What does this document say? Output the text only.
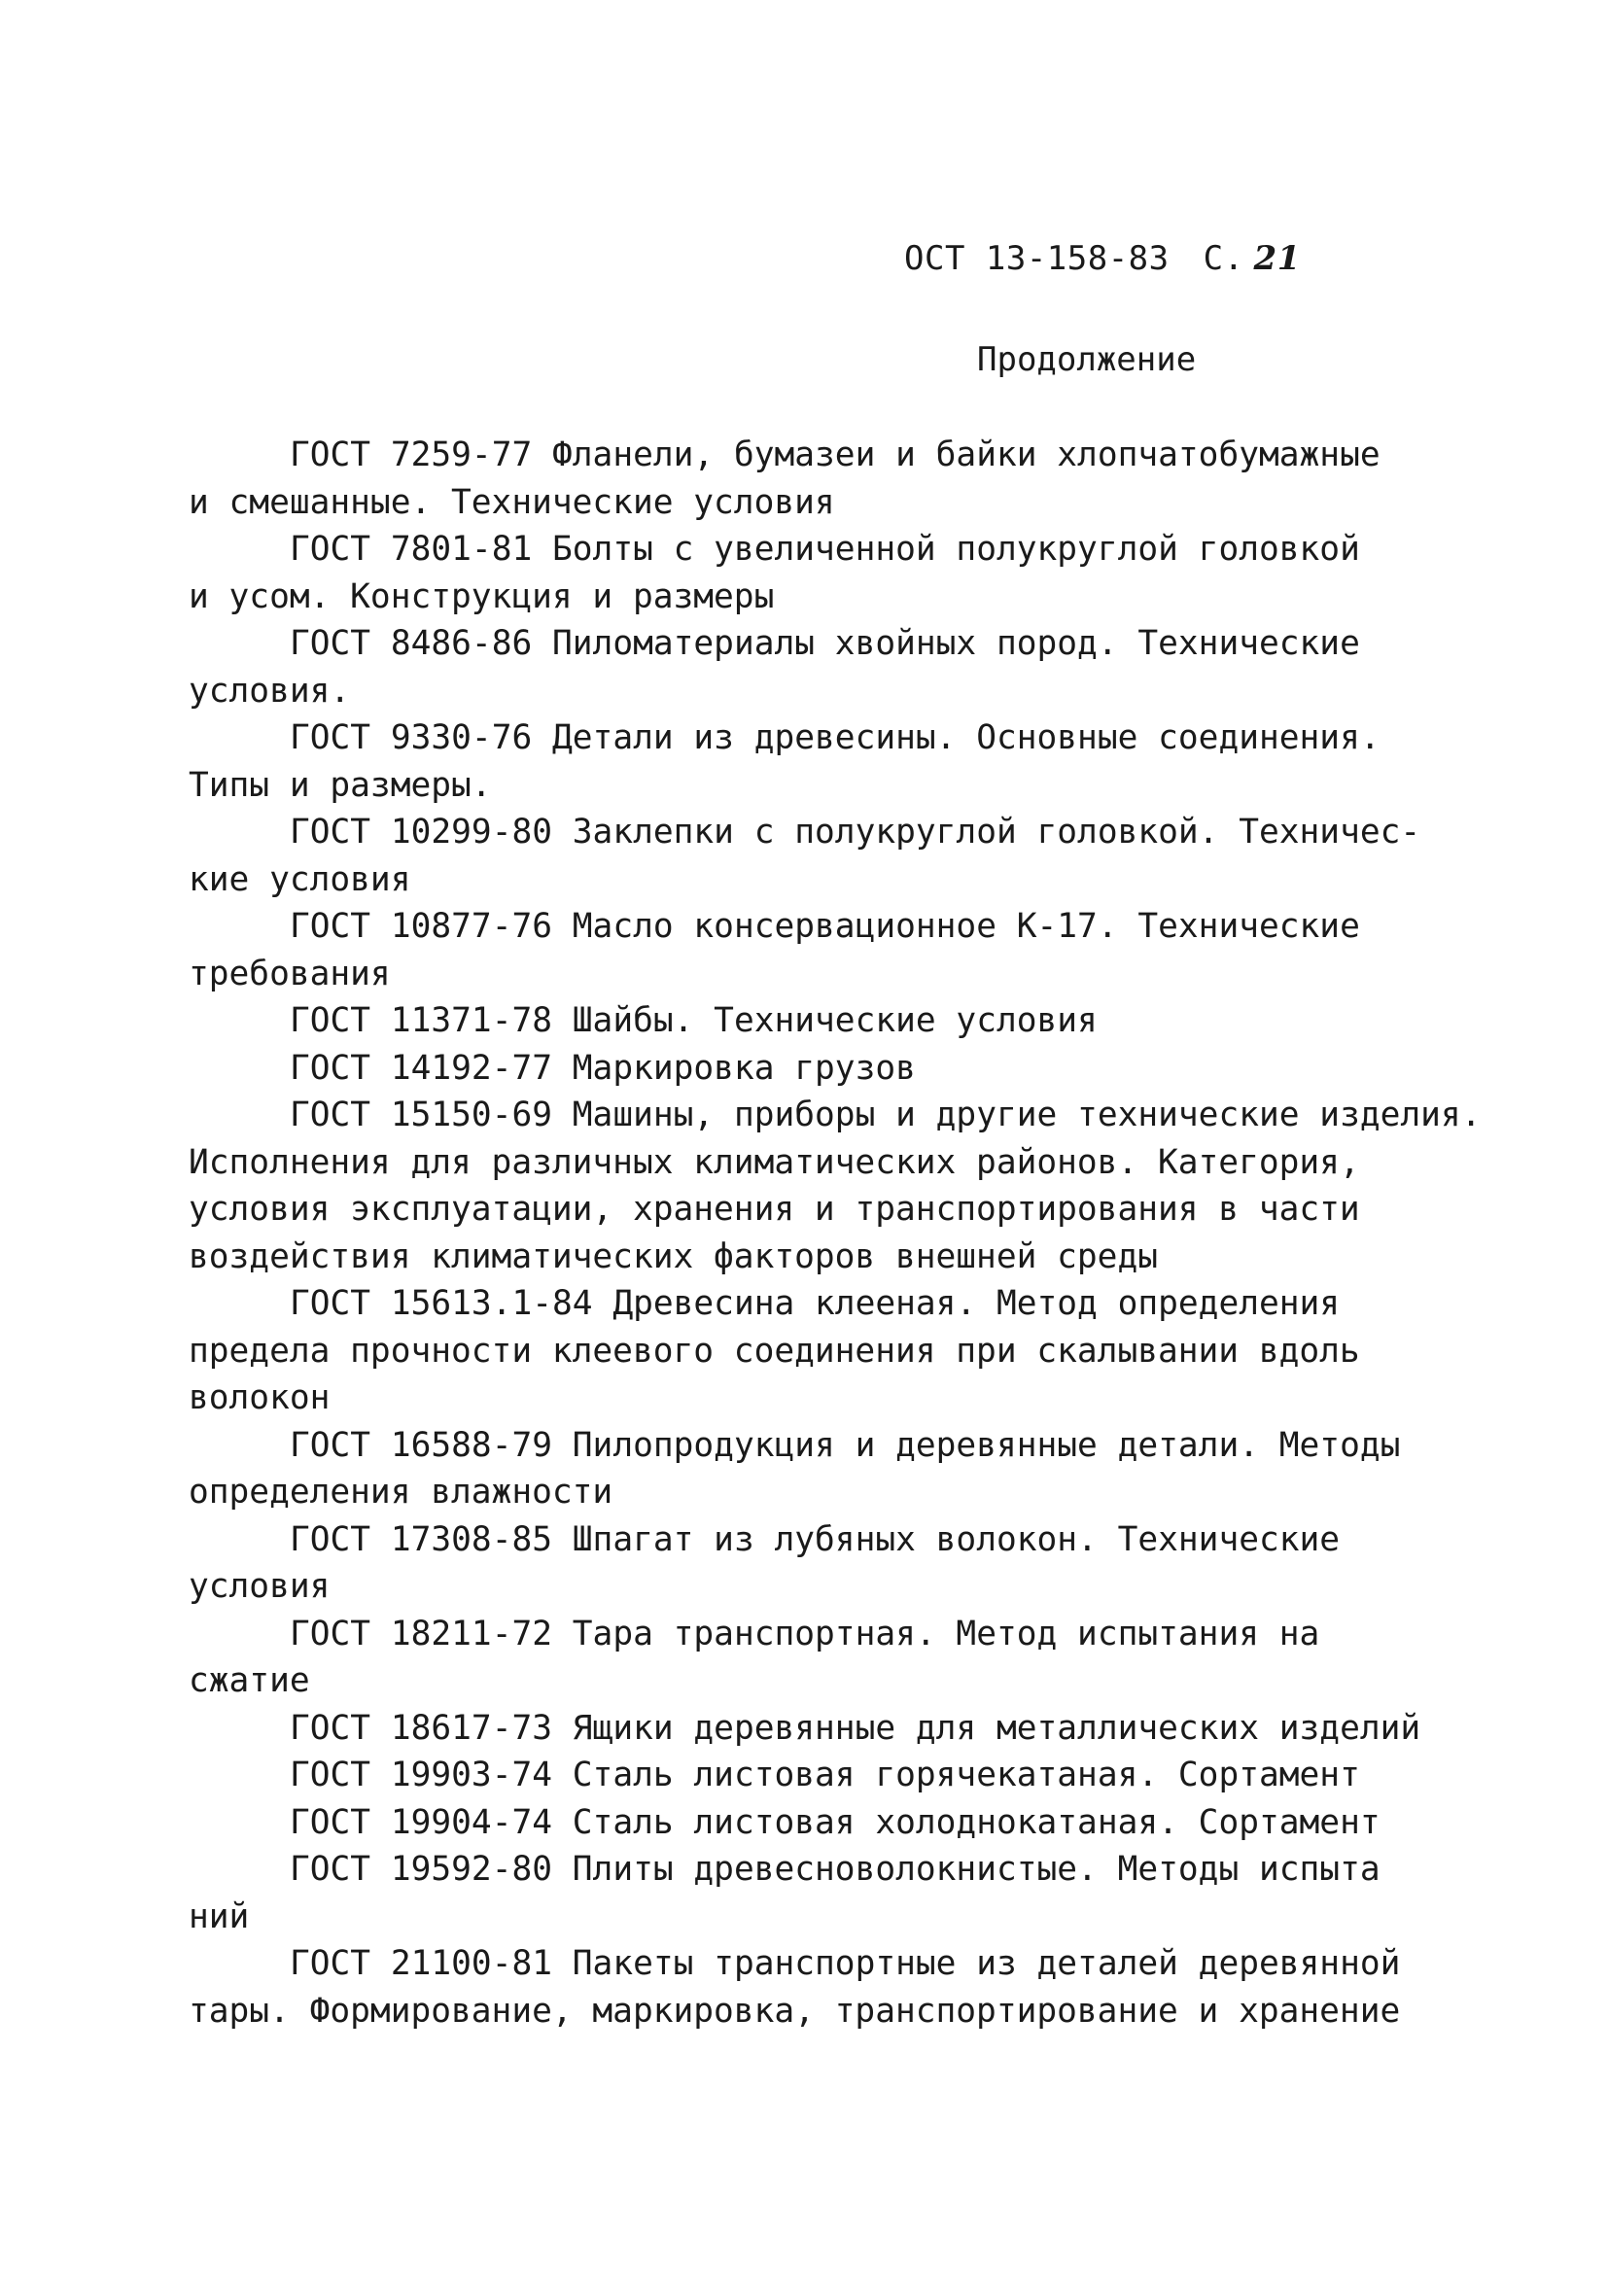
ОСТ 13-158-83 С. 21
Продолжение
ГОСТ 7259-77 Фланели, бумазеи и байки хлопчатобумажные
и смешанные. Технические условия
ГОСТ 7801-81 Болты с увеличенной полукруглой головкой
и усом. Конструкция и размеры
ГОСТ 8486-86 Пиломатериалы хвойных пород. Технические
условия.
ГОСТ 9330-76 Детали из древесины. Основные соединения.
Типы и размеры.
ГОСТ 10299-80 Заклепки с полукруглой головкой. Техничес-
кие условия
ГОСТ 10877-76 Масло консервационное К-17. Технические
требования
ГОСТ 11371-78 Шайбы. Технические условия
ГОСТ 14192-77 Маркировка грузов
ГОСТ 15150-69 Машины, приборы и другие технические изделия.
Исполнения для различных климатических районов. Категория,
условия эксплуатации, хранения и транспортирования в части
воздействия климатических факторов внешней среды
ГОСТ 15613.1-84 Древесина клееная. Метод определения
предела прочности клеевого соединения при скалывании вдоль
волокон
ГОСТ 16588-79 Пилопродукция и деревянные детали. Методы
определения влажности
ГОСТ 17308-85 Шпагат из лубяных волокон. Технические
условия
ГОСТ 18211-72 Тара транспортная. Метод испытания на
сжатие
ГОСТ 18617-73 Ящики деревянные для металлических изделий
ГОСТ 19903-74 Сталь листовая горячекатаная. Сортамент
ГОСТ 19904-74 Сталь листовая холоднокатаная. Сортамент
ГОСТ 19592-80 Плиты древесноволокнистые. Методы испыта
ний
ГОСТ 21100-81 Пакеты транспортные из деталей деревянной
тары. Формирование, маркировка, транспортирование и хранение
